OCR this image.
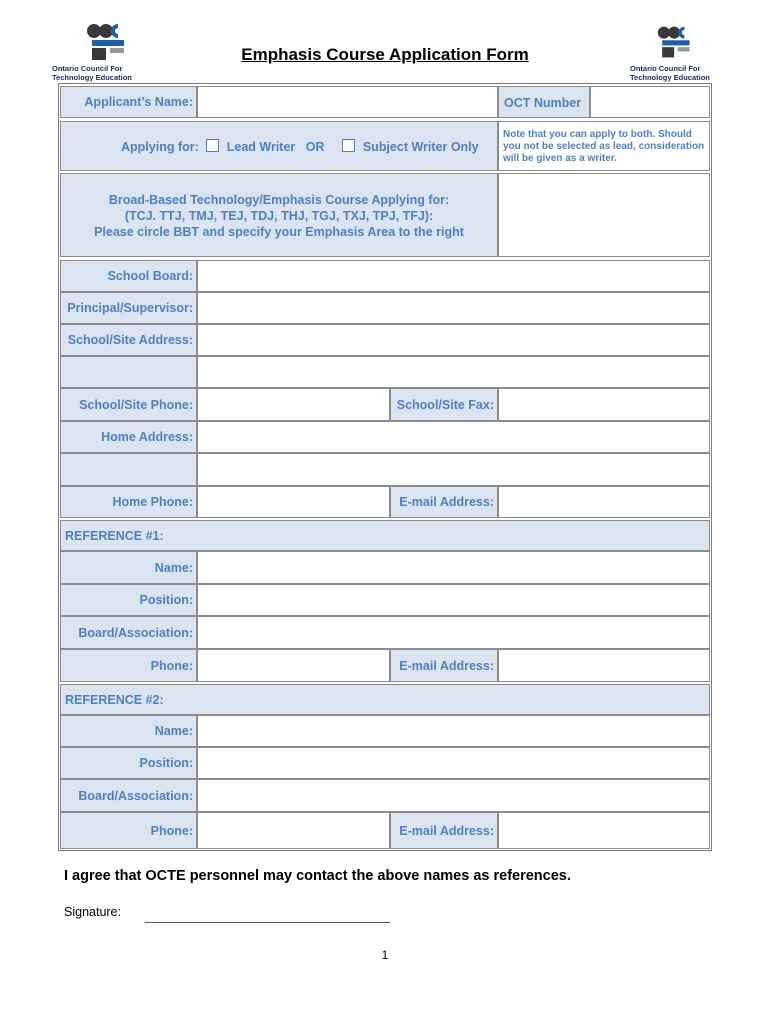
Ontario Council For
Technology Education
Ontario Council For
Technology Education
Emphasis Course Application Form
Applicant’s Name:	OCT Number
Applying for: Lead Writer OR	Subject Writer Only
Note that you can apply to both. Should you not be selected as lead, consideration will be given as a writer.
Broad-Based Technology/Emphasis Course Applying for:
(TCJ. TTJ, TMJ, TEJ, TDJ, THJ, TGJ, TXJ, TPJ, TFJ):
Please circle BBT and specify your Emphasis Area to the right
School Board:
Principal/Supervisor:
School/Site Address:
School/Site Phone:	School/Site Fax:
Home Address:
Home Phone:	E-mail Address:
REFERENCE #1:
Name:
Position:
Board/Association:
Phone:	E-mail Address:
REFERENCE #2:
Name:
Position:
Board/Association:
Phone:	E-mail Address:
I agree that OCTE personnel may contact the above names as references.
Signature:
1
